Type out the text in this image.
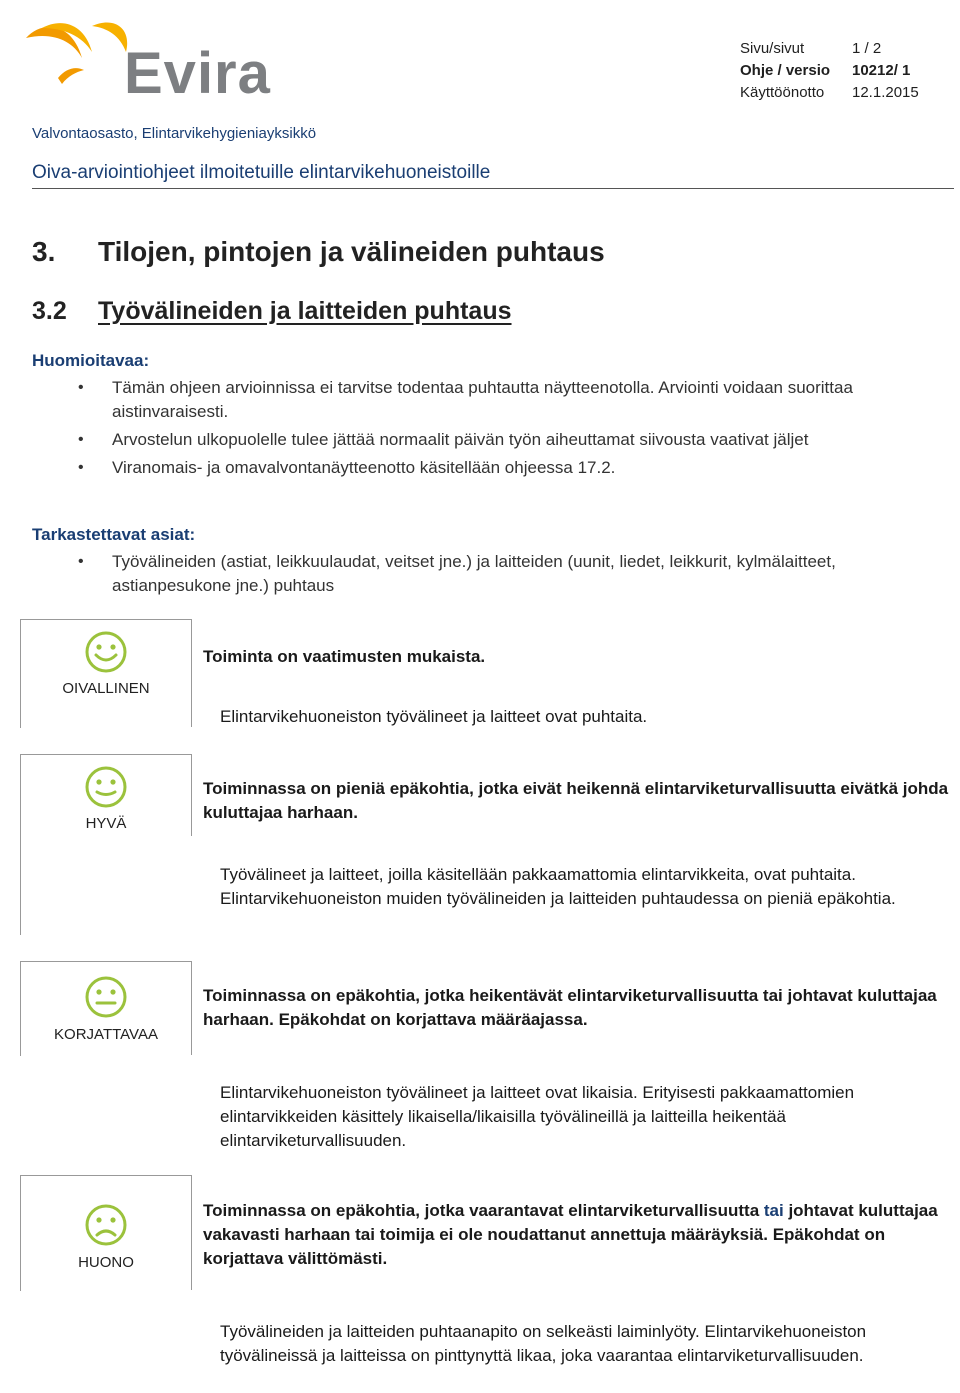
Evira	Sivu/sivut	1 / 2
Ohje / versio	10212/ 1
Käyttöönotto	12.1.2015
Valvontaosasto, Elintarvikehygieniayksikkö
Oiva-arviointiohjeet ilmoitetuille elintarvikehuoneistoille
3. Tilojen, pintojen ja välineiden puhtaus
3.2 Työvälineiden ja laitteiden puhtaus
Huomioitavaa:
• Tämän ohjeen arvioinnissa ei tarvitse todentaa puhtautta näytteenotolla. Arviointi voidaan suorittaa aistinvaraisesti.
• Arvostelun ulkopuolelle tulee jättää normaalit päivän työn aiheuttamat siivousta vaativat jäljet
• Viranomais- ja omavalvontanäytteenotto käsitellään ohjeessa 17.2.
Tarkastettavat asiat:
• Työvälineiden (astiat, leikkuulaudat, veitset jne.) ja laitteiden (uunit, liedet, leikkurit, kylmälaitteet, astianpesukone jne.) puhtaus
OIVALLINEN
Toiminta on vaatimusten mukaista.
Elintarvikehuoneiston työvälineet ja laitteet ovat puhtaita.
HYVÄ
Toiminnassa on pieniä epäkohtia, jotka eivät heikennä elintarviketurvallisuutta eivätkä johda kuluttajaa harhaan.
Työvälineet ja laitteet, joilla käsitellään pakkaamattomia elintarvikkeita, ovat puhtaita. Elintarvikehuoneiston muiden työvälineiden ja laitteiden puhtaudessa on pieniä epäkohtia.
KORJATTAVAA
Toiminnassa on epäkohtia, jotka heikentävät elintarviketurvallisuutta tai johtavat kuluttajaa harhaan. Epäkohdat on korjattava määräajassa.
Elintarvikehuoneiston työvälineet ja laitteet ovat likaisia. Erityisesti pakkaamattomien elintarvikkeiden käsittely likaisella/likaisilla työvälineillä ja laitteilla heikentää elintarviketurvallisuuden.
HUONO
Toiminnassa on epäkohtia, jotka vaarantavat elintarviketurvallisuutta tai johtavat kuluttajaa vakavasti harhaan tai toimija ei ole noudattanut annettuja määräyksiä. Epäkohdat on korjattava välittömästi.
Työvälineiden ja laitteiden puhtaanapito on selkeästi laiminlyöty. Elintarvikehuoneiston työvälineissä ja laitteissa on pinttynyttä likaa, joka vaarantaa elintarviketurvallisuuden.
